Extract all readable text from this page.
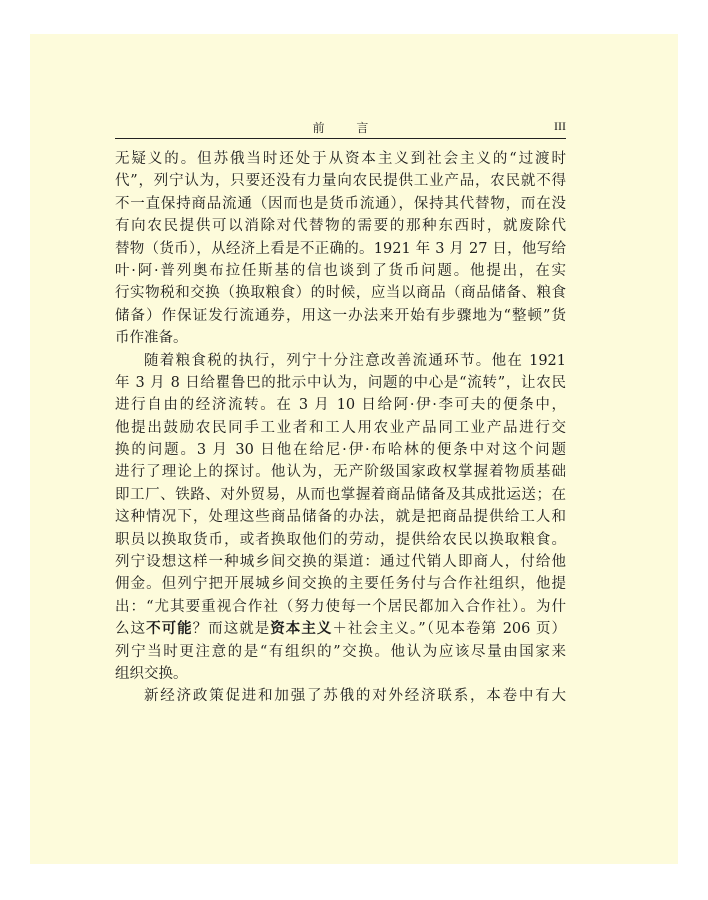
前 言	III
无疑义的。但苏俄当时还处于从资本主义到社会主义的“过渡时
代”，列宁认为，只要还没有力量向农民提供工业产品，农民就不得
不一直保持商品流通（因而也是货币流通），保持其代替物，而在没
有向农民提供可以消除对代替物的需要的那种东西时，就废除代
替物（货币），从经济上看是不正确的。1921 年 3 月 27 日，他写给
叶·阿·普列奥布拉任斯基的信也谈到了货币问题。他提出，在实
行实物税和交换（换取粮食）的时候，应当以商品（商品储备、粮食
储备）作保证发行流通券，用这一办法来开始有步骤地为“整顿”货
币作准备。
随着粮食税的执行，列宁十分注意改善流通环节。他在 1921
年 3 月 8 日给瞿鲁巴的批示中认为，问题的中心是“流转”，让农民
进行自由的经济流转。在 3 月 10 日给阿·伊·李可夫的便条中，
他提出鼓励农民同手工业者和工人用农业产品同工业产品进行交
换的问题。3 月 30 日他在给尼·伊·布哈林的便条中对这个问题
进行了理论上的探讨。他认为，无产阶级国家政权掌握着物质基础
即工厂、铁路、对外贸易，从而也掌握着商品储备及其成批运送；在
这种情况下，处理这些商品储备的办法，就是把商品提供给工人和
职员以换取货币，或者换取他们的劳动，提供给农民以换取粮食。
列宁设想这样一种城乡间交换的渠道：通过代销人即商人，付给他
佣金。但列宁把开展城乡间交换的主要任务付与合作社组织，他提
出：“尤其要重视合作社（努力使每一个居民都加入合作社）。为什
么这不可能？而这就是资本主义＋社会主义。”（见本卷第 206 页）
列宁当时更注意的是“有组织的”交换。他认为应该尽量由国家来
组织交换。
新经济政策促进和加强了苏俄的对外经济联系，本卷中有大
